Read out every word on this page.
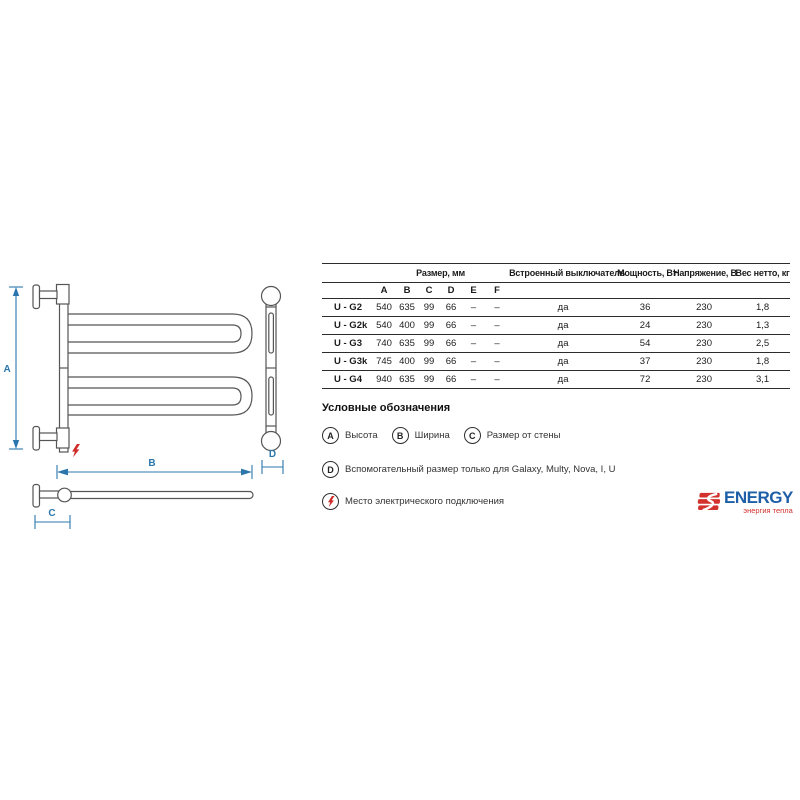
A
B
D
C
	Размер, мм						Встроенный выключатель	Мощность, Вт	Напряжение, В	Вес нетто, кг
	A	B	C	D	E	F				
U - G2	540	635	99	66	–	–	да	36	230	1,8
U - G2k	540	400	99	66	–	–	да	24	230	1,3
U - G3	740	635	99	66	–	–	да	54	230	2,5
U - G3k	745	400	99	66	–	–	да	37	230	1,8
U - G4	940	635	99	66	–	–	да	72	230	3,1
Условные обозначения
A	Высота	B	Ширина	C	Размер от стены
D	Вспомогательный размер только для Galaxy, Multy, Nova, I, U
Место электрического подключения	ENERGY
энергия тепла
